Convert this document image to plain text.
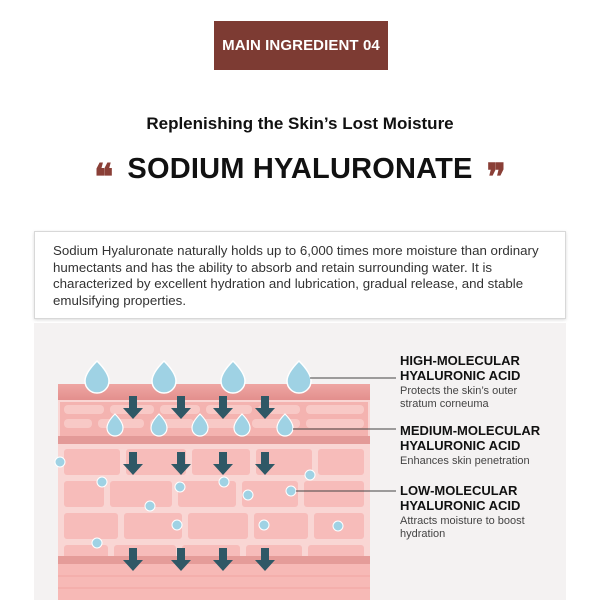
MAIN INGREDIENT 04
Replenishing the Skin’s Lost Moisture
❝ SODIUM HYALURONATE ❞

Sodium Hyaluronate naturally holds up to 6,000 times more moisture than ordinary humectants and has the ability to absorb and retain surrounding water. It is characterized by excellent hydration and lubrication, gradual release, and stable emulsifying properties.

HIGH-MOLECULAR
HYALURONIC ACID
Protects the skin’s outer
stratum corneuma
MEDIUM-MOLECULAR
HYALURONIC ACID
Enhances skin penetration
LOW-MOLECULAR
HYALURONIC ACID
Attracts moisture to boost
hydration
